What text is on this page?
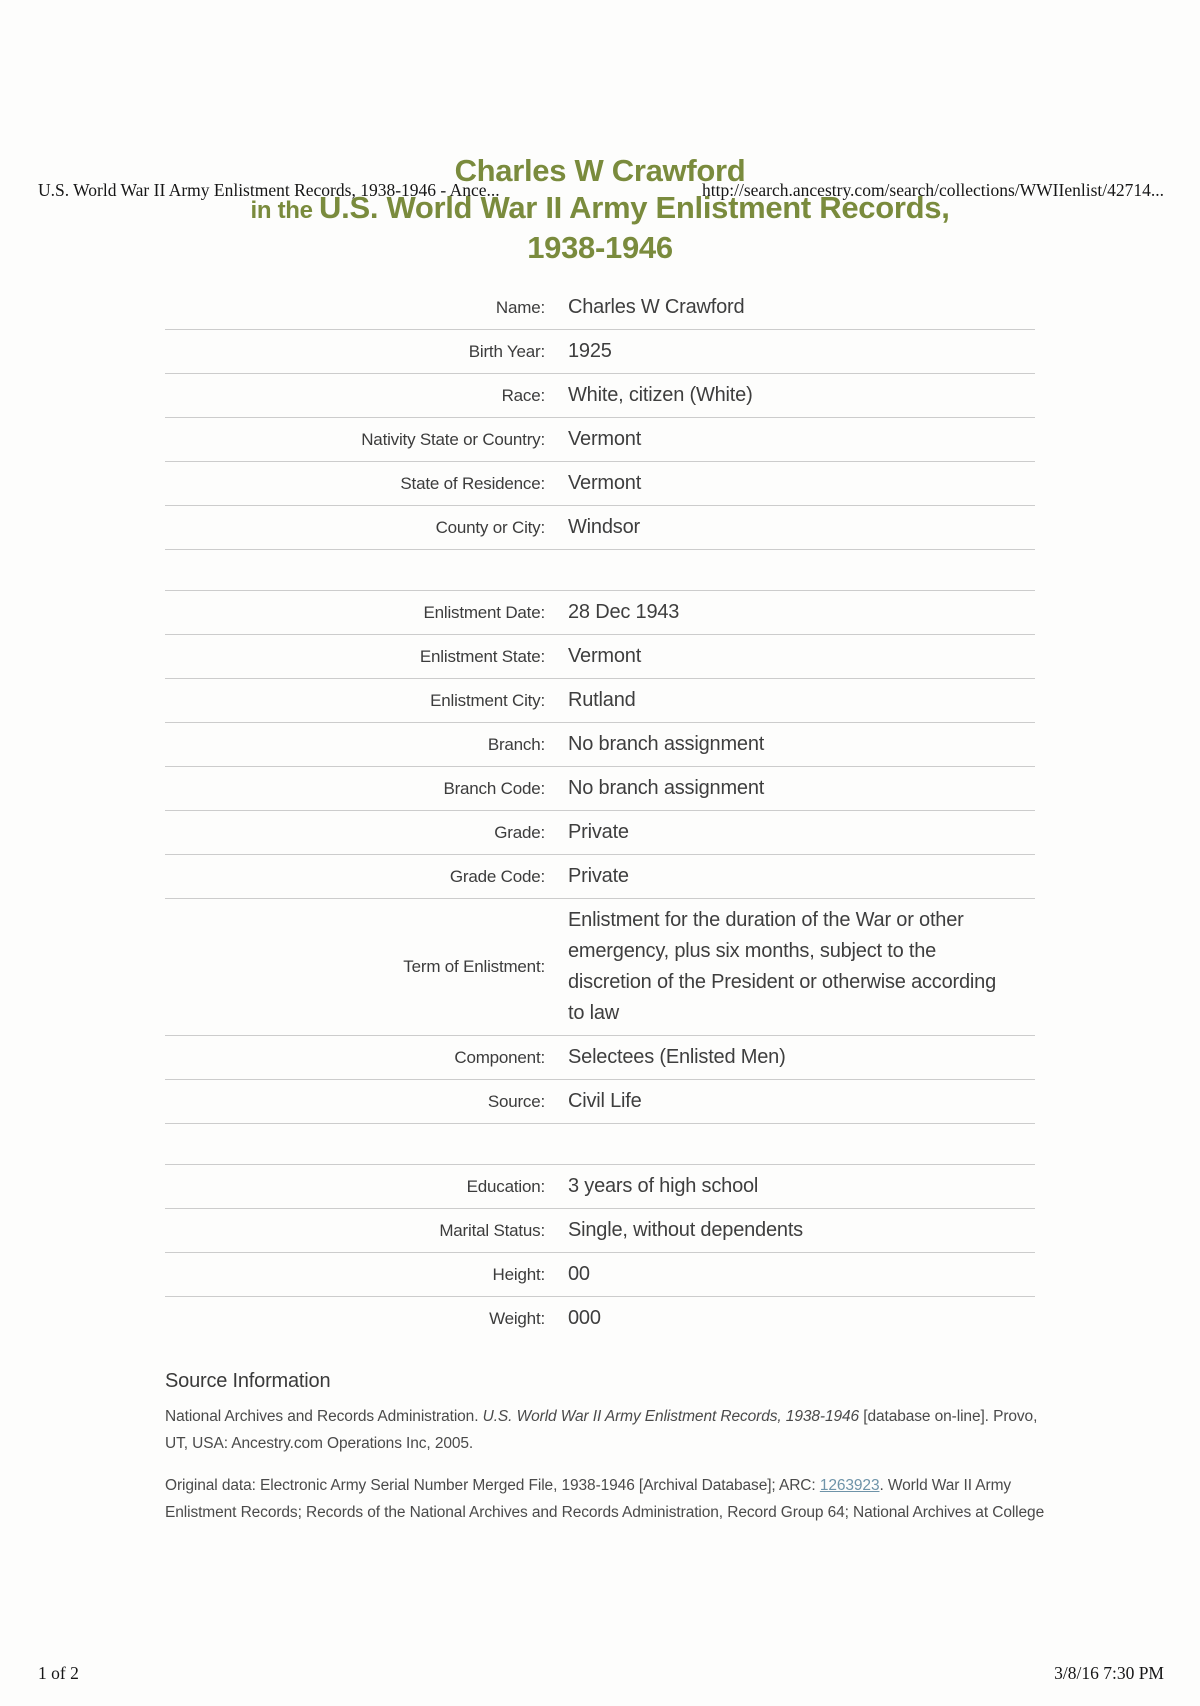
U.S. World War II Army Enlistment Records, 1938-1946 - Ance...	http://search.ancestry.com/search/collections/WWIIenlist/42714...
Charles W Crawford
in the U.S. World War II Army Enlistment Records,
1938-1946
Name: Charles W Crawford
Birth Year: 1925
Race: White, citizen (White)
Nativity State or Country: Vermont
State of Residence: Vermont
County or City: Windsor
Enlistment Date: 28 Dec 1943
Enlistment State: Vermont
Enlistment City: Rutland
Branch: No branch assignment
Branch Code: No branch assignment
Grade: Private
Grade Code: Private
Term of Enlistment:
Enlistment for the duration of the War or other emergency, plus six months, subject to the discretion of the President or otherwise according to law
Component: Selectees (Enlisted Men)
Source: Civil Life
Education: 3 years of high school
Marital Status: Single, without dependents
Height: 00
Weight: 000
Source Information

National Archives and Records Administration. U.S. World War II Army Enlistment Records, 1938-1946 [database on-line]. Provo, UT, USA: Ancestry.com Operations Inc, 2005.

Original data: Electronic Army Serial Number Merged File, 1938-1946 [Archival Database]; ARC: 1263923. World War II Army Enlistment Records; Records of the National Archives and Records Administration, Record Group 64; National Archives at College

1 of 2	3/8/16 7:30 PM
